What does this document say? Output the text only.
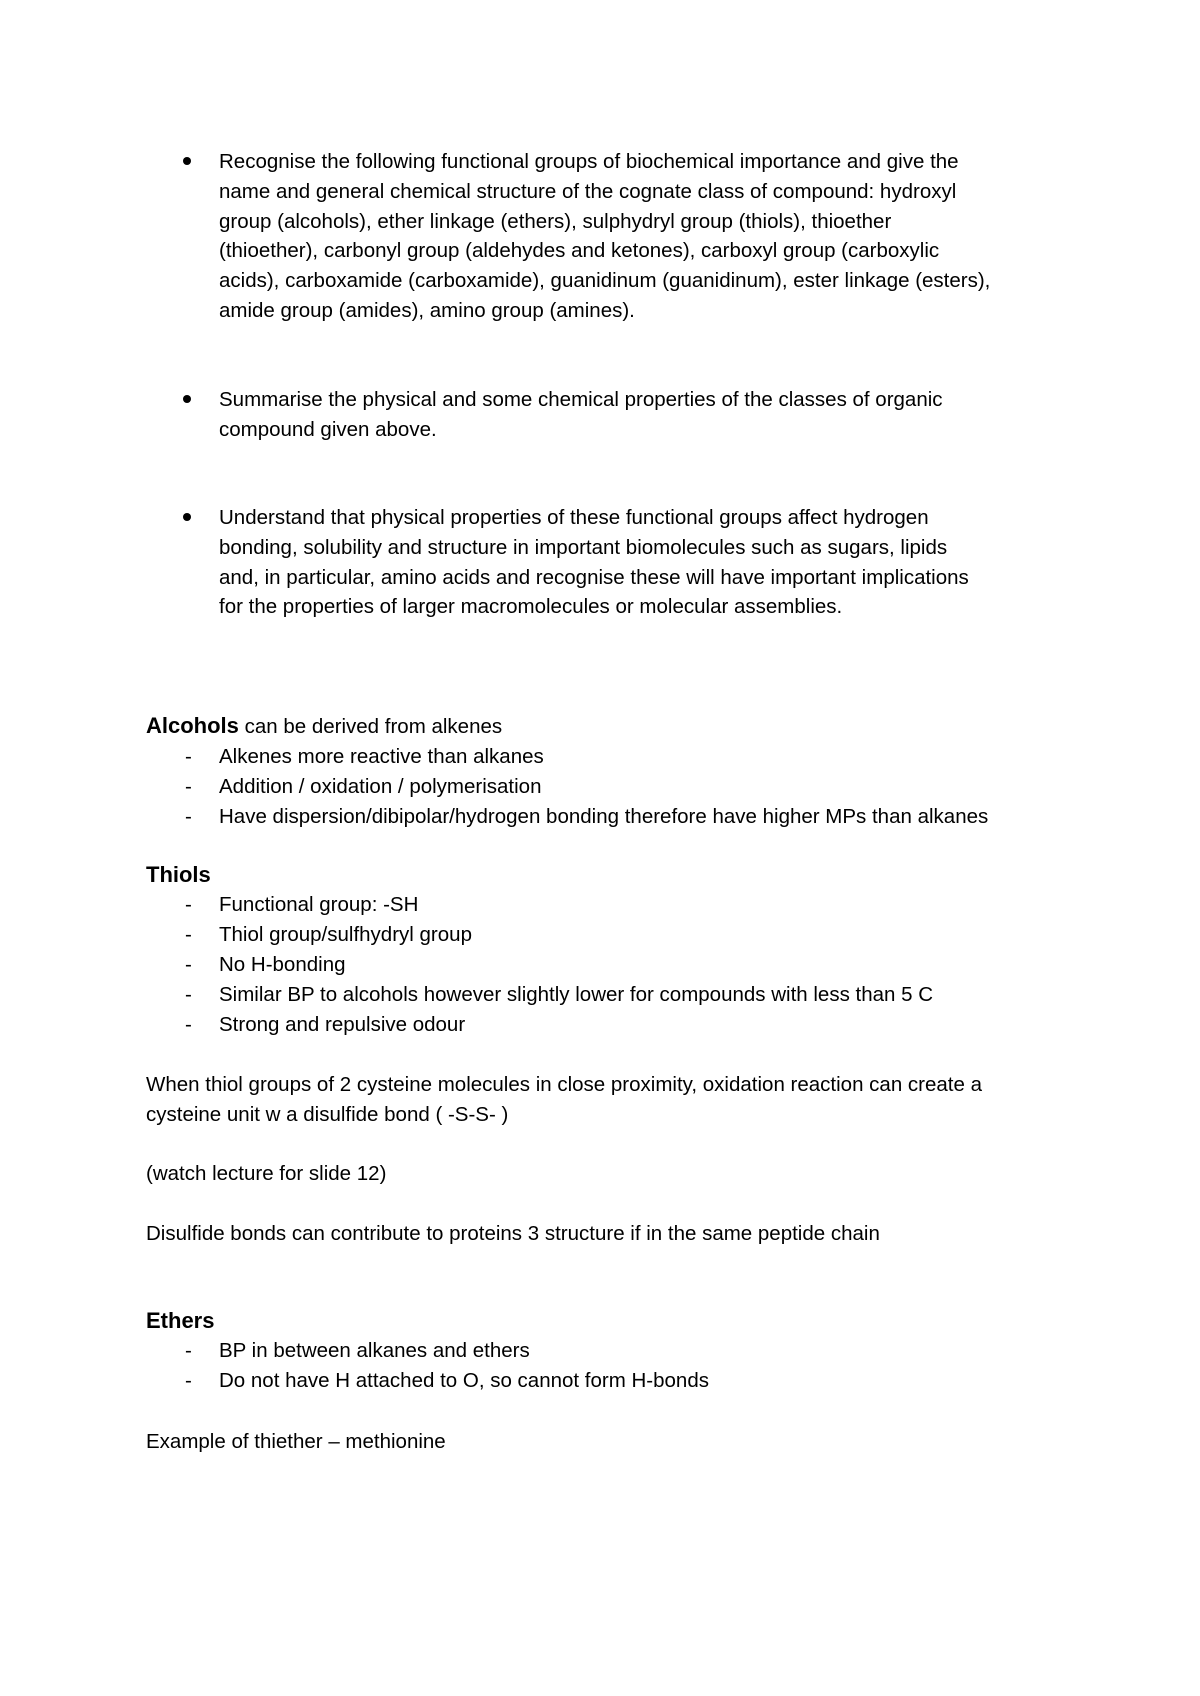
Recognise the following functional groups of biochemical importance and give the

name and general chemical structure of the cognate class of compound: hydroxyl

group (alcohols), ether linkage (ethers), sulphydryl group (thiols), thioether

(thioether), carbonyl group (aldehydes and ketones), carboxyl group (carboxylic

acids), carboxamide (carboxamide), guanidinum (guanidinum), ester linkage (esters),

amide group (amides), amino group (amines).

Summarise the physical and some chemical properties of the classes of organic

compound given above.

Understand that physical properties of these functional groups affect hydrogen

bonding, solubility and structure in important biomolecules such as sugars, lipids

and, in particular, amino acids and recognise these will have important implications

for the properties of larger macromolecules or molecular assemblies.

Alcohols can be derived from alkenes

- Alkenes more reactive than alkanes
- Addition / oxidation / polymerisation
- Have dispersion/dibipolar/hydrogen bonding therefore have higher MPs than alkanes

Thiols

- Functional group: -SH
- Thiol group/sulfhydryl group
- No H-bonding
- Similar BP to alcohols however slightly lower for compounds with less than 5 C
- Strong and repulsive odour

When thiol groups of 2 cysteine molecules in close proximity, oxidation reaction can create a

cysteine unit w a disulfide bond ( -S-S- )

(watch lecture for slide 12)

Disulfide bonds can contribute to proteins 3 structure if in the same peptide chain

Ethers

- BP in between alkanes and ethers
- Do not have H attached to O, so cannot form H-bonds

Example of thiether – methionine
